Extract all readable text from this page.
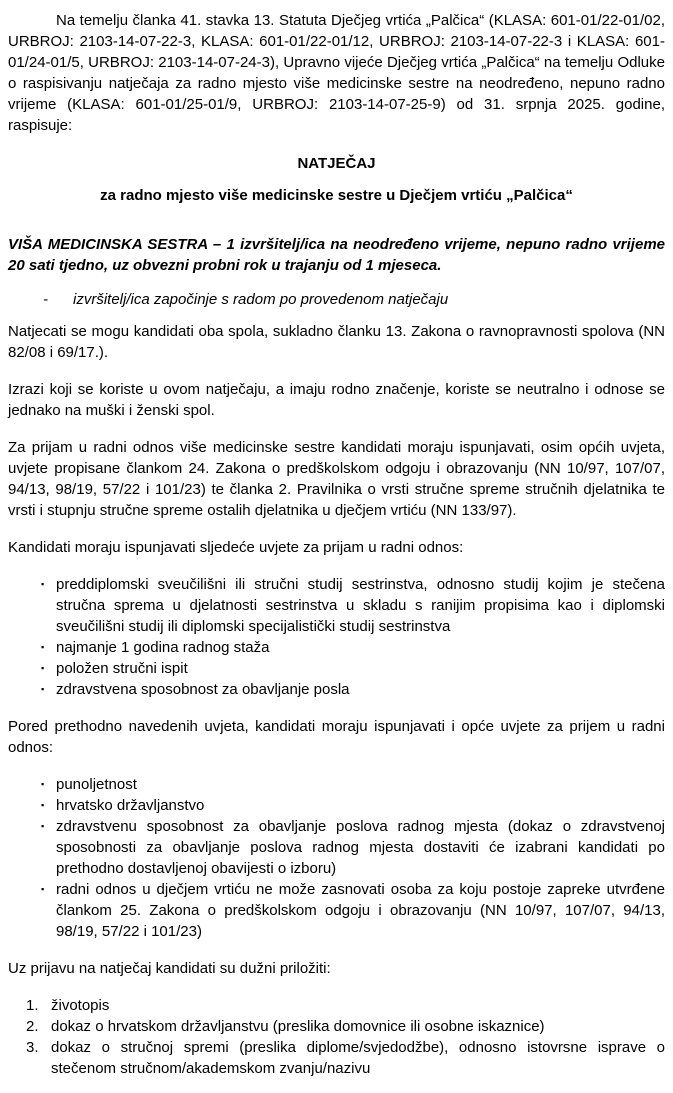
Na temelju članka 41. stavka 13. Statuta Dječjeg vrtića „Palčica“ (KLASA: 601-01/22-01/02, URBROJ: 2103-14-07-22-3, KLASA: 601-01/22-01/12, URBROJ: 2103-14-07-22-3 i KLASA: 601-01/24-01/5, URBROJ: 2103-14-07-24-3), Upravno vijeće Dječjeg vrtića „Palčica“ na temelju Odluke o raspisivanju natječaja za radno mjesto više medicinske sestre na neodređeno, nepuno radno vrijeme (KLASA: 601-01/25-01/9, URBROJ: 2103-14-07-25-9) od 31. srpnja 2025. godine, raspisuje:

NATJEČAJ

za radno mjesto više medicinske sestre u Dječjem vrtiću „Palčica“

VIŠA MEDICINSKA SESTRA – 1 izvršitelj/ica na neodređeno vrijeme, nepuno radno vrijeme 20 sati tjedno, uz obvezni probni rok u trajanju od 1 mjeseca.

-	izvršitelj/ica započinje s radom po provedenom natječaju

Natjecati se mogu kandidati oba spola, sukladno članku 13. Zakona o ravnopravnosti spolova (NN 82/08 i 69/17.).

Izrazi koji se koriste u ovom natječaju, a imaju rodno značenje, koriste se neutralno i odnose se jednako na muški i ženski spol.

Za prijam u radni odnos više medicinske sestre kandidati moraju ispunjavati, osim općih uvjeta, uvjete propisane člankom 24. Zakona o predškolskom odgoju i obrazovanju (NN 10/97, 107/07, 94/13, 98/19, 57/22 i 101/23) te članka 2. Pravilnika o vrsti stručne spreme stručnih djelatnika te vrsti i stupnju stručne spreme ostalih djelatnika u dječjem vrtiću (NN 133/97).

Kandidati moraju ispunjavati sljedeće uvjete za prijam u radni odnos:

▪ preddiplomski sveučilišni ili stručni studij sestrinstva, odnosno studij kojim je stečena stručna sprema u djelatnosti sestrinstva u skladu s ranijim propisima kao i diplomski sveučilišni studij ili diplomski specijalistički studij sestrinstva
▪ najmanje 1 godina radnog staža
▪ položen stručni ispit
▪ zdravstvena sposobnost za obavljanje posla

Pored prethodno navedenih uvjeta, kandidati moraju ispunjavati i opće uvjete za prijem u radni odnos:

▪ punoljetnost
▪ hrvatsko državljanstvo
▪ zdravstvenu sposobnost za obavljanje poslova radnog mjesta (dokaz o zdravstvenoj sposobnosti za obavljanje poslova radnog mjesta dostaviti će izabrani kandidati po prethodno dostavljenoj obavijesti o izboru)
▪ radni odnos u dječjem vrtiću ne može zasnovati osoba za koju postoje zapreke utvrđene člankom 25. Zakona o predškolskom odgoju i obrazovanju (NN 10/97, 107/07, 94/13, 98/19, 57/22 i 101/23)

Uz prijavu na natječaj kandidati su dužni priložiti:

1. životopis
2. dokaz o hrvatskom državljanstvu (preslika domovnice ili osobne iskaznice)
3. dokaz o stručnoj spremi (preslika diplome/svjedodžbe), odnosno istovrsne isprave o stečenom stručnom/akademskom zvanju/nazivu
